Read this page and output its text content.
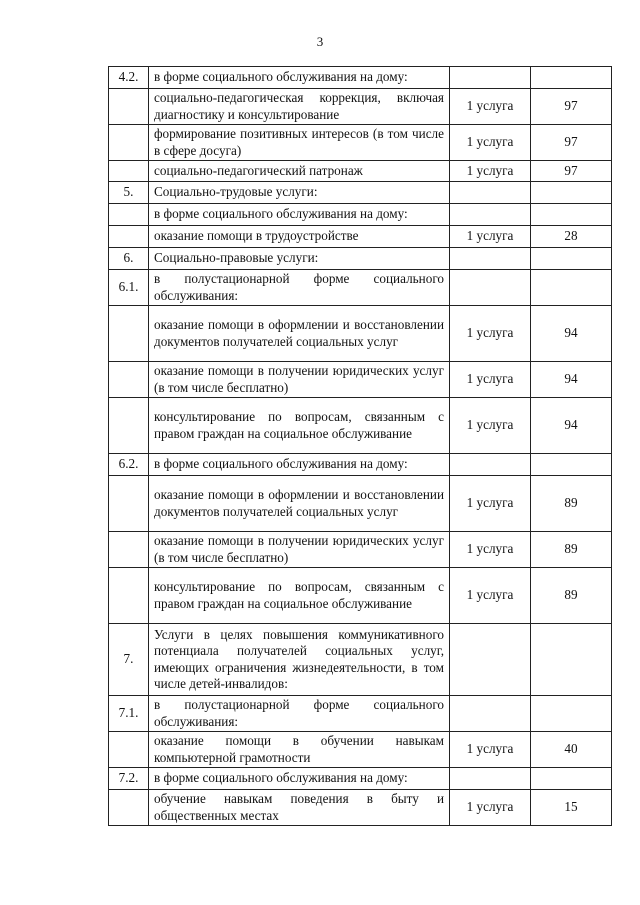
3
4.2.	в форме социального обслуживания на дому:		
	социально-педагогическая коррекция, включая диагностику и консультирование	1 услуга	97
	формирование позитивных интересов (в том числе в сфере досуга)	1 услуга	97
	социально-педагогический патронаж	1 услуга	97
5.	Социально-трудовые услуги:		
	в форме социального обслуживания на дому:		
	оказание помощи в трудоустройстве	1 услуга	28
6.	Социально-правовые услуги:		
6.1.	в полустационарной форме социального обслуживания:		
	оказание помощи в оформлении и восстановлении документов получателей социальных услуг	1 услуга	94
	оказание помощи в получении юридических услуг (в том числе бесплатно)	1 услуга	94
	консультирование по вопросам, связанным с правом граждан на социальное обслуживание	1 услуга	94
6.2.	в форме социального обслуживания на дому:		
	оказание помощи в оформлении и восстановлении документов получателей социальных услуг	1 услуга	89
	оказание помощи в получении юридических услуг (в том числе бесплатно)	1 услуга	89
	консультирование по вопросам, связанным с правом граждан на социальное обслуживание	1 услуга	89
7.	Услуги в целях повышения коммуникативного потенциала получателей социальных услуг, имеющих ограничения жизнедеятельности, в том числе детей-инвалидов:		
7.1.	в полустационарной форме социального обслуживания:		
	оказание помощи в обучении навыкам компьютерной грамотности	1 услуга	40
7.2.	в форме социального обслуживания на дому:		
	обучение навыкам поведения в быту и общественных местах	1 услуга	15
